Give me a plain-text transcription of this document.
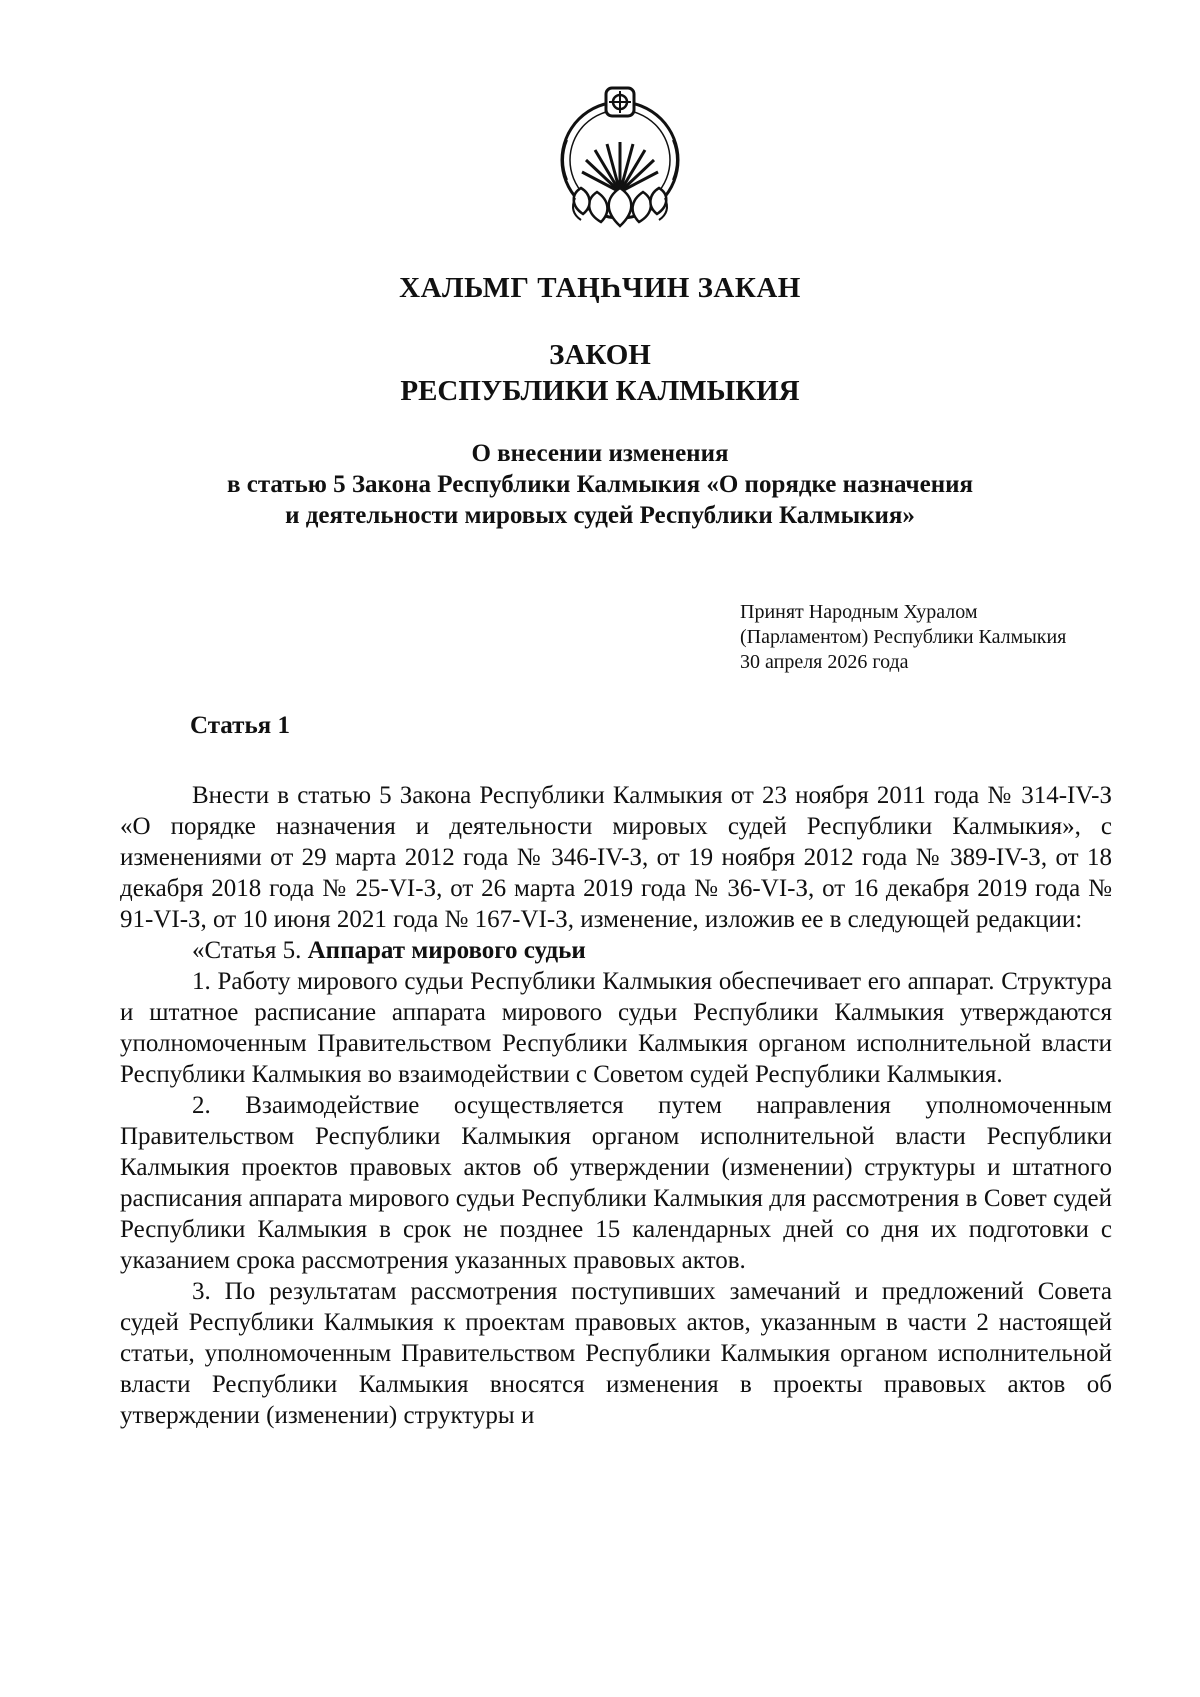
ХАЛЬМГ ТАҢҺЧИН ЗАКАН
ЗАКОН
РЕСПУБЛИКИ КАЛМЫКИЯ
О внесении изменения
в статью 5 Закона Республики Калмыкия «О порядке назначения
и деятельности мировых судей Республики Калмыкия»
Принят Народным Хуралом
(Парламентом) Республики Калмыкия
30 апреля 2026 года
Статья 1

Внести в статью 5 Закона Республики Калмыкия от 23 ноября 2011 года № 314-IV-З «О порядке назначения и деятельности мировых судей Республики Калмыкия», с изменениями от 29 марта 2012 года № 346-IV-З, от 19 ноября 2012 года № 389-IV-З, от 18 декабря 2018 года № 25-VI-З, от 26 марта 2019 года № 36-VI-З, от 16 декабря 2019 года № 91-VI-З, от 10 июня 2021 года № 167-VI-З, изменение, изложив ее в следующей редакции:

«Статья 5. Аппарат мирового судьи

1. Работу мирового судьи Республики Калмыкия обеспечивает его аппарат. Структура и штатное расписание аппарата мирового судьи Республики Калмыкия утверждаются уполномоченным Правительством Республики Калмыкия органом исполнительной власти Республики Калмыкия во взаимодействии с Советом судей Республики Калмыкия.

2. Взаимодействие осуществляется путем направления уполномоченным Правительством Республики Калмыкия органом исполнительной власти Республики Калмыкия проектов правовых актов об утверждении (изменении) структуры и штатного расписания аппарата мирового судьи Республики Калмыкия для рассмотрения в Совет судей Республики Калмыкия в срок не позднее 15 календарных дней со дня их подготовки с указанием срока рассмотрения указанных правовых актов.

3. По результатам рассмотрения поступивших замечаний и предложений Совета судей Республики Калмыкия к проектам правовых актов, указанным в части 2 настоящей статьи, уполномоченным Правительством Республики Калмыкия органом исполнительной власти Республики Калмыкия вносятся изменения в проекты правовых актов об утверждении (изменении) структуры и
